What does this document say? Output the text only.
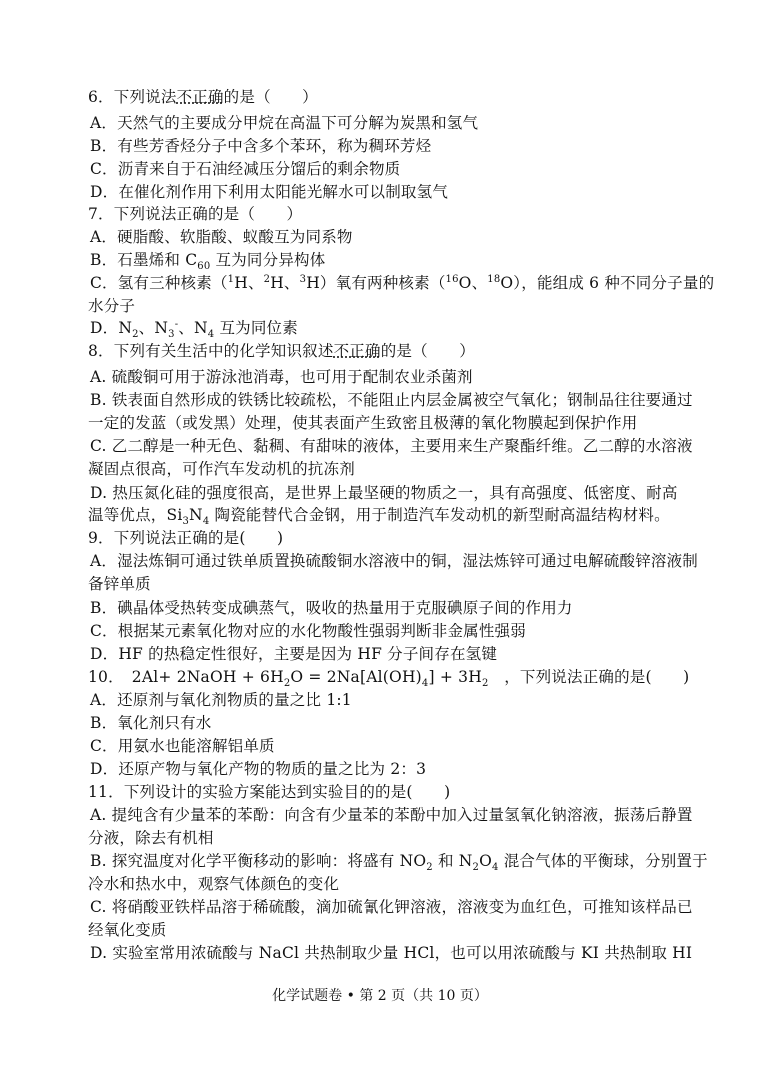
6．下列说法不正确的是（　　）
A．天然气的主要成分甲烷在高温下可分解为炭黑和氢气
B．有些芳香烃分子中含多个苯环，称为稠环芳烃
C．沥青来自于石油经减压分馏后的剩余物质
D．在催化剂作用下利用太阳能光解水可以制取氢气
7．下列说法正确的是（　　）
A．硬脂酸、软脂酸、蚁酸互为同系物
B．石墨烯和 $C_{60}$ 互为同分异构体
C．氢有三种核素（$^1$H、$^2$H、$^3$H）氧有两种核素（$^{16}$O、$^{18}$O），能组成 6 种不同分子量的
水分子
D．$N_2$、$N_3^-$、$N_4$ 互为同位素
8．下列有关生活中的化学知识叙述不正确的是（　　）
A. 硫酸铜可用于游泳池消毒，也可用于配制农业杀菌剂
B. 铁表面自然形成的铁锈比较疏松，不能阻止内层金属被空气氧化；钢制品往往要通过
一定的发蓝（或发黑）处理，使其表面产生致密且极薄的氧化物膜起到保护作用
C. 乙二醇是一种无色、黏稠、有甜味的液体，主要用来生产聚酯纤维。乙二醇的水溶液
凝固点很高，可作汽车发动机的抗冻剂
D. 热压氮化硅的强度很高，是世界上最坚硬的物质之一，具有高强度、低密度、耐高
温等优点，$Si_3N_4$ 陶瓷能替代合金钢，用于制造汽车发动机的新型耐高温结构材料。
9．下列说法正确的是(　　)
A．湿法炼铜可通过铁单质置换硫酸铜水溶液中的铜，湿法炼锌可通过电解硫酸锌溶液制
备锌单质
B．碘晶体受热转变成碘蒸气，吸收的热量用于克服碘原子间的作用力
C．根据某元素氧化物对应的水化物酸性强弱判断非金属性强弱
D．HF 的热稳定性很好，主要是因为 HF 分子间存在氢键
10．　2Al+ 2NaOH + $6H_2O = 2Na[Al(OH)_4] + 3H_2$　，下列说法正确的是(　　)
A．还原剂与氧化剂物质的量之比 1:1
B．氧化剂只有水
C．用氨水也能溶解铝单质
D．还原产物与氧化产物的物质的量之比为 2：3
11．下列设计的实验方案能达到实验目的的是(　　)
A. 提纯含有少量苯的苯酚：向含有少量苯的苯酚中加入过量氢氧化钠溶液，振荡后静置
分液，除去有机相
B. 探究温度对化学平衡移动的影响：将盛有 $NO_2$ 和 $N_2O_4$ 混合气体的平衡球，分别置于
冷水和热水中，观察气体颜色的变化
C. 将硝酸亚铁样品溶于稀硫酸，滴加硫氰化钾溶液，溶液变为血红色，可推知该样品已
经氧化变质
D. 实验室常用浓硫酸与 NaCl 共热制取少量 HCl，也可以用浓硫酸与 KI 共热制取 HI
化学试题卷 • 第 2 页（共 10 页）
